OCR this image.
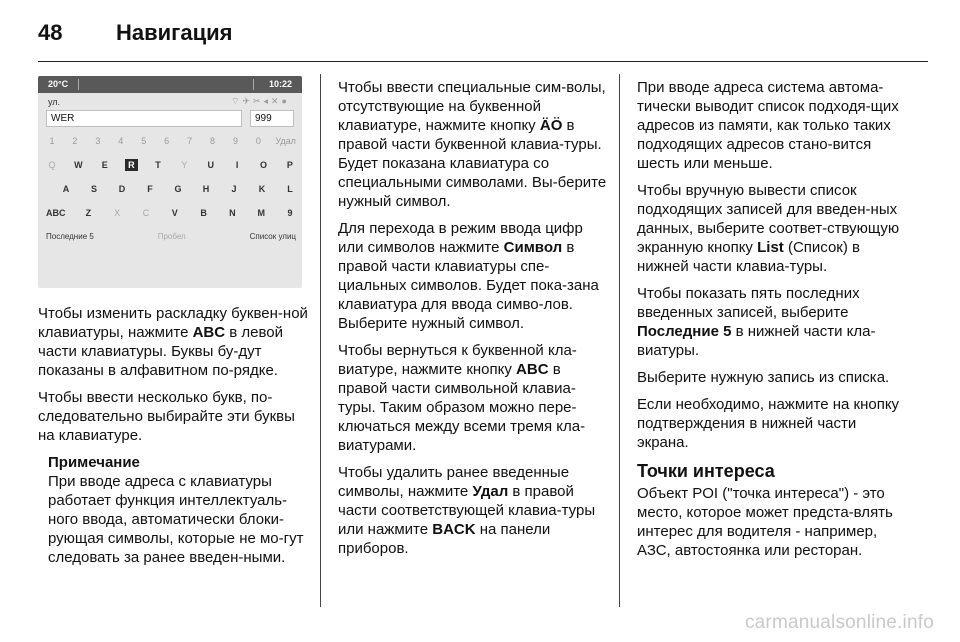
48 Навигация
20°C	10:22
ул.	⌔✈✂◂✕●
WER	999
1	2	3	4	5	6	7	8	9	0	Удал
Q W	E	R	T	Y	U	I	O	P
A	S	D	F	G	H	J	K	L
ABC	Z	X	C	V	B	N	M	9
Последние 5	Пробел	Список улиц

Чтобы изменить раскладку буквен-ной клавиатуры, нажмите ABC в левой части клавиатуры. Буквы бу-дут показаны в алфавитном по-рядке.

Чтобы ввести несколько букв, по-следовательно выбирайте эти буквы на клавиатуре.

Примечание
При вводе адреса с клавиатуры работает функция интеллектуаль-ного ввода, автоматически блоки-рующая символы, которые не мо-гут следовать за ранее введен-ными.

Чтобы ввести специальные сим-волы, отсутствующие на буквенной клавиатуре, нажмите кнопку ÄÖ в правой части буквенной клавиа-туры. Будет показана клавиатура со специальными символами. Вы-берите нужный символ.

Для перехода в режим ввода цифр или символов нажмите Символ в правой части клавиатуры спе-циальных символов. Будет пока-зана клавиатура для ввода симво-лов. Выберите нужный символ.

Чтобы вернуться к буквенной кла-виатуре, нажмите кнопку ABC в правой части символьной клавиа-туры. Таким образом можно пере-ключаться между всеми тремя кла-виатурами.

Чтобы удалить ранее введенные символы, нажмите Удал в правой части соответствующей клавиа-туры или нажмите BACK на панели приборов.

При вводе адреса система автома-тически выводит список подходя-щих адресов из памяти, как только таких подходящих адресов стано-вится шесть или меньше.

Чтобы вручную вывести список подходящих записей для введен-ных данных, выберите соответ-ствующую экранную кнопку List (Список) в нижней части клавиа-туры.

Чтобы показать пять последних введенных записей, выберите Последние 5 в нижней части кла-виатуры.

Выберите нужную запись из списка.

Если необходимо, нажмите на кнопку подтверждения в нижней части экрана.

Точки интереса

Объект POI ("точка интереса") - это место, которое может предста-влять интерес для водителя - например, АЗС, автостоянка или ресторан.

carmanualsonline.info
